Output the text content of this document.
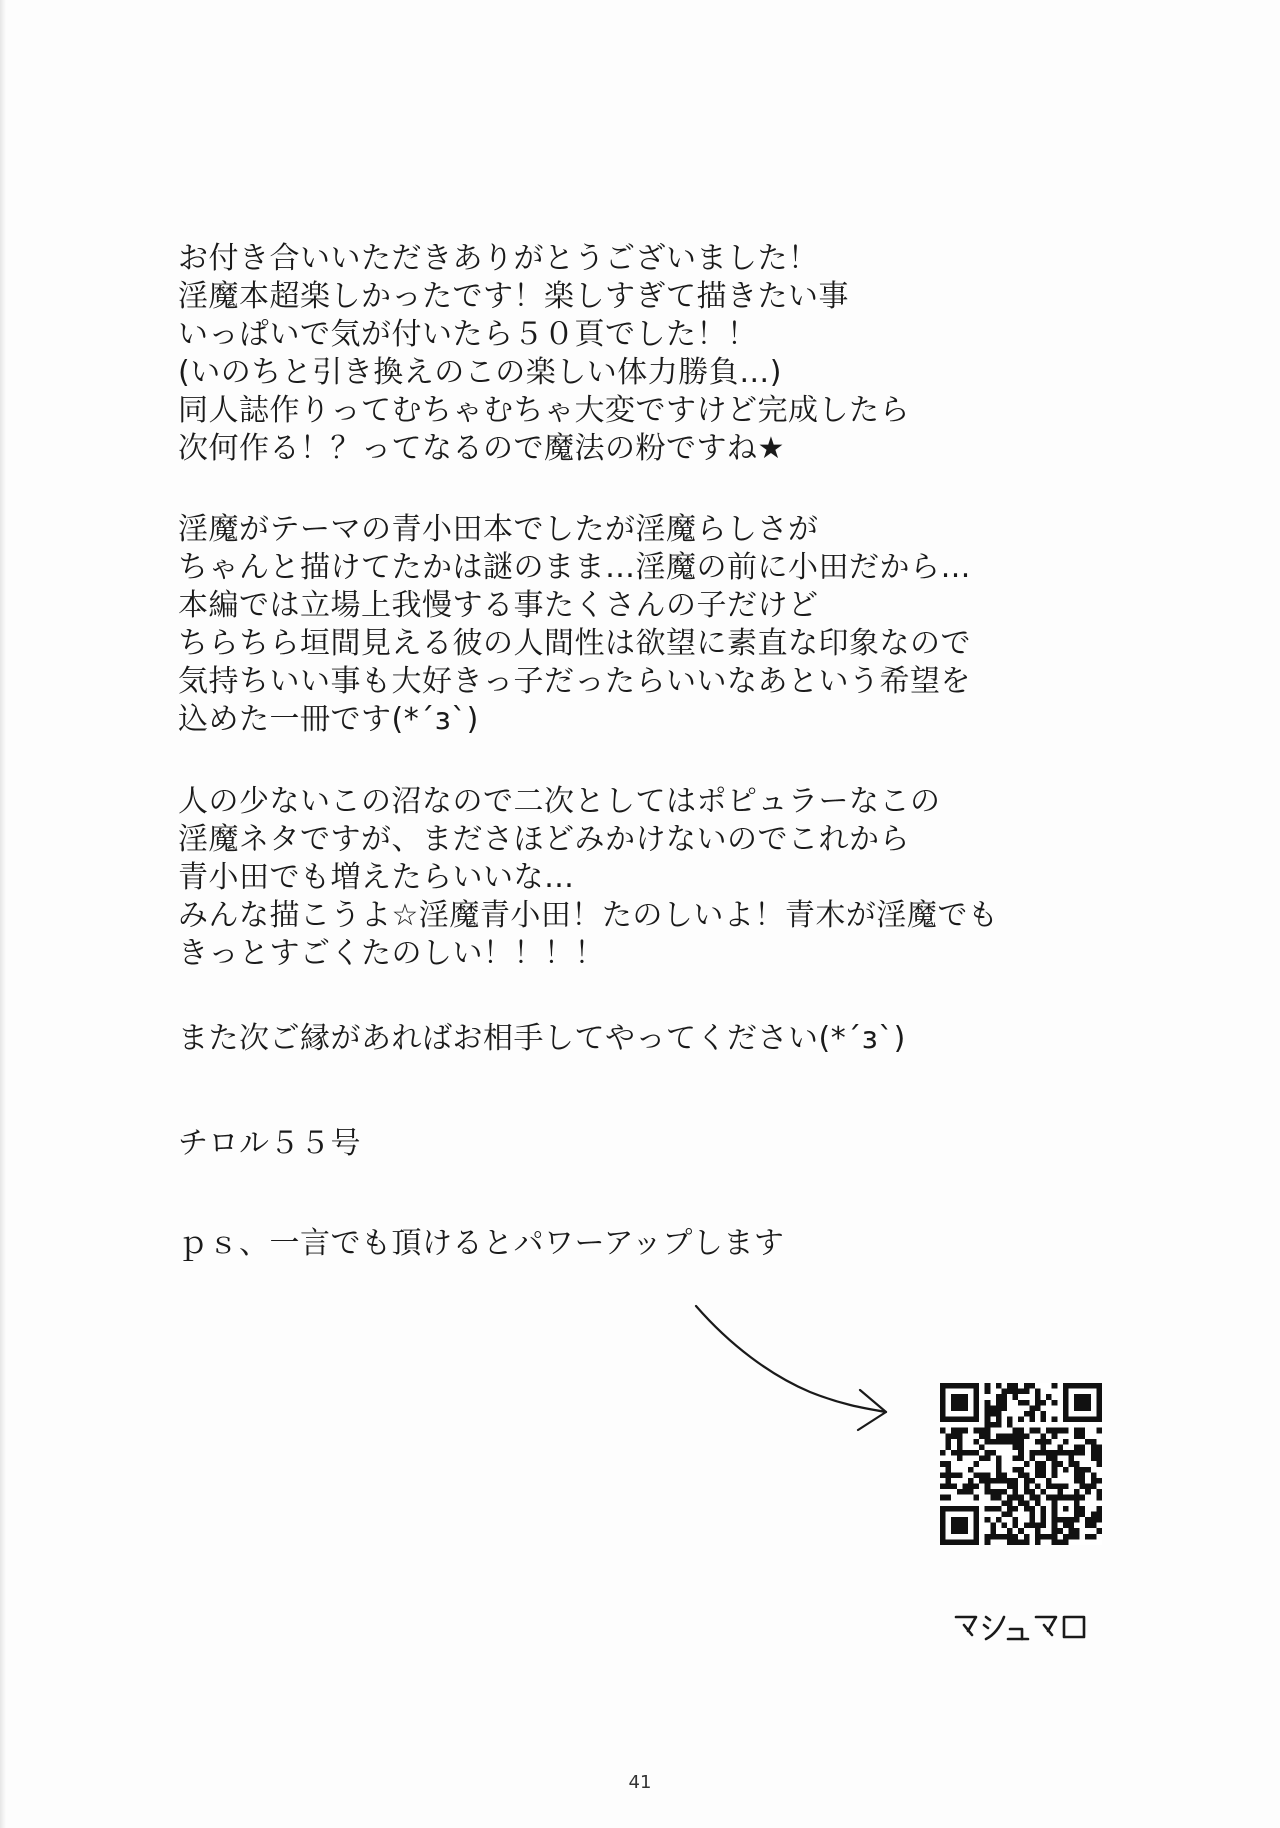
お付き合いいただきありがとうございました！
淫魔本超楽しかったです！楽しすぎて描きたい事
いっぱいで気が付いたら５０頁でした！！
(いのちと引き換えのこの楽しい体力勝負…)
同人誌作りってむちゃむちゃ大変ですけど完成したら
次何作る！？ってなるので魔法の粉ですね★
淫魔がテーマの青小田本でしたが淫魔らしさが
ちゃんと描けてたかは謎のまま…淫魔の前に小田だから…
本編では立場上我慢する事たくさんの子だけど
ちらちら垣間見える彼の人間性は欲望に素直な印象なので
気持ちいい事も大好きっ子だったらいいなあという希望を
込めた一冊です(*´з`)
人の少ないこの沼なので二次としてはポピュラーなこの
淫魔ネタですが、まださほどみかけないのでこれから
青小田でも増えたらいいな…
みんな描こうよ☆淫魔青小田！たのしいよ！青木が淫魔でも
きっとすごくたのしい！！！！
また次ご縁があればお相手してやってください(*´з`)
チロル５５号
ｐｓ、一言でも頂けるとパワーアップします
41
